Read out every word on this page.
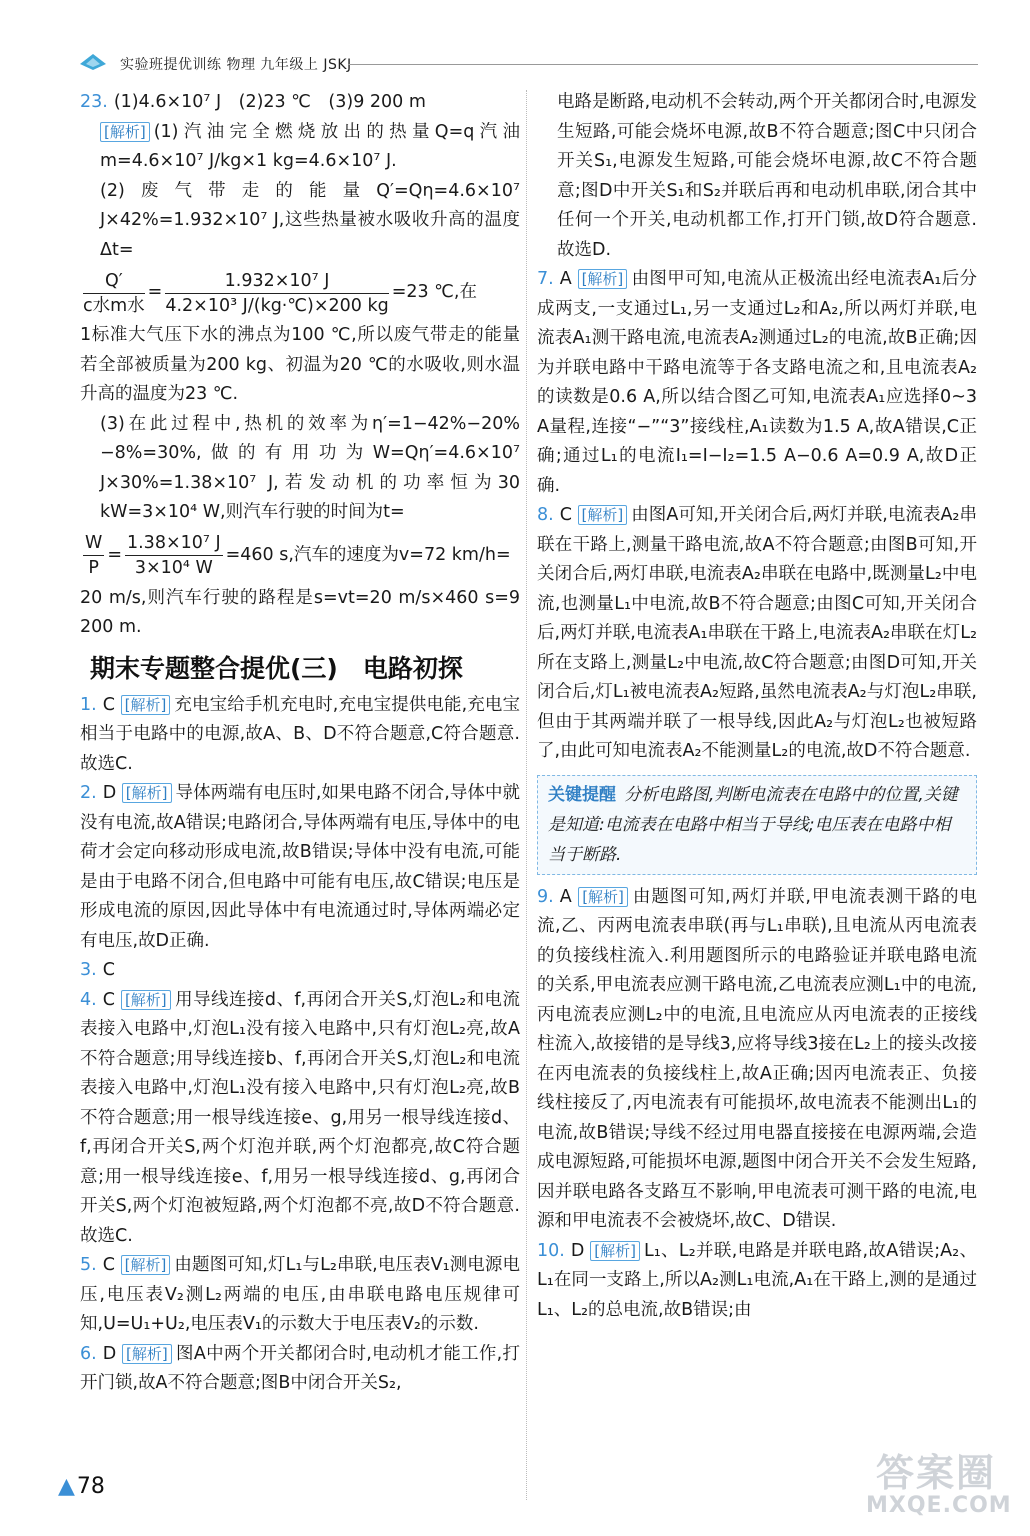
实验班提优训练 物理 九年级上 JSKJ

23. (1)4.6×10⁷ J　(2)23 ℃　(3)9 200 m

[解析] (1)汽油完全燃烧放出的热量Q=q汽油m=4.6×10⁷ J/kg×1 kg=4.6×10⁷ J.

(2)废气带走的能量Q′=Qη=4.6×10⁷ J×42%=1.932×10⁷ J,这些热量被水吸收升高的温度Δt=

$\frac{Q'}{\text{c水m水}} = \frac{\text{1.932×10⁷ J}}{\text{4.2×10³ J/(kg·℃)×200 kg}} =23$ ℃,在

1标准大气压下水的沸点为100 ℃,所以废气带走的能量若全部被质量为200 kg、初温为20 ℃的水吸收,则水温升高的温度为23 ℃.

(3)在此过程中,热机的效率为η′=1−42%−20%−8%=30%,做的有用功为W=Qη′=4.6×10⁷ J×30%=1.38×10⁷ J,若发动机的功率恒为30 kW=3×10⁴ W,则汽车行驶的时间为t=

$\frac{W}{P} = \frac{\text{1.38×10⁷ J}}{\text{3×10⁴ W}} =460$ s,汽车的速度为v=72 km/h=

20 m/s,则汽车行驶的路程是s=vt=20 m/s×460 s=9 200 m.

期末专题整合提优(三)　电路初探

1. C [解析] 充电宝给手机充电时,充电宝提供电能,充电宝相当于电路中的电源,故A、B、D不符合题意,C符合题意.故选C.

2. D [解析] 导体两端有电压时,如果电路不闭合,导体中就没有电流,故A错误;电路闭合,导体两端有电压,导体中的电荷才会定向移动形成电流,故B错误;导体中没有电流,可能是由于电路不闭合,但电路中可能有电压,故C错误;电压是形成电流的原因,因此导体中有电流通过时,导体两端必定有电压,故D正确.

3. C

4. C [解析] 用导线连接d、f,再闭合开关S,灯泡L₂和电流表接入电路中,灯泡L₁没有接入电路中,只有灯泡L₂亮,故A不符合题意;用导线连接b、f,再闭合开关S,灯泡L₂和电流表接入电路中,灯泡L₁没有接入电路中,只有灯泡L₂亮,故B不符合题意;用一根导线连接e、g,用另一根导线连接d、f,再闭合开关S,两个灯泡并联,两个灯泡都亮,故C符合题意;用一根导线连接e、f,用另一根导线连接d、g,再闭合开关S,两个灯泡被短路,两个灯泡都不亮,故D不符合题意.故选C.

5. C [解析] 由题图可知,灯L₁与L₂串联,电压表V₁测电源电压,电压表V₂测L₂两端的电压,由串联电路电压规律可知,U=U₁+U₂,电压表V₁的示数大于电压表V₂的示数.

6. D [解析] 图A中两个开关都闭合时,电动机才能工作,打开门锁,故A不符合题意;图B中闭合开关S₂,

电路是断路,电动机不会转动,两个开关都闭合时,电源发生短路,可能会烧坏电源,故B不符合题意;图C中只闭合开关S₁,电源发生短路,可能会烧坏电源,故C不符合题意;图D中开关S₁和S₂并联后再和电动机串联,闭合其中任何一个开关,电动机都工作,打开门锁,故D符合题意.故选D.

7. A [解析] 由图甲可知,电流从正极流出经电流表A₁后分成两支,一支通过L₁,另一支通过L₂和A₂,所以两灯并联,电流表A₁测干路电流,电流表A₂测通过L₂的电流,故B正确;因为并联电路中干路电流等于各支路电流之和,且电流表A₂的读数是0.6 A,所以结合图乙可知,电流表A₁应选择0~3 A量程,连接“−”“3”接线柱,A₁读数为1.5 A,故A错误,C正确;通过L₁的电流I₁=I−I₂=1.5 A−0.6 A=0.9 A,故D正确.

8. C [解析] 由图A可知,开关闭合后,两灯并联,电流表A₂串联在干路上,测量干路电流,故A不符合题意;由图B可知,开关闭合后,两灯串联,电流表A₂串联在电路中,既测量L₂中电流,也测量L₁中电流,故B不符合题意;由图C可知,开关闭合后,两灯并联,电流表A₁串联在干路上,电流表A₂串联在灯L₂所在支路上,测量L₂中电流,故C符合题意;由图D可知,开关闭合后,灯L₁被电流表A₂短路,虽然电流表A₂与灯泡L₂串联,但由于其两端并联了一根导线,因此A₂与灯泡L₂也被短路了,由此可知电流表A₂不能测量L₂的电流,故D不符合题意.

关键提醒 分析电路图,判断电流表在电路中的位置,关键是知道:电流表在电路中相当于导线;电压表在电路中相当于断路.

9. A [解析] 由题图可知,两灯并联,甲电流表测干路的电流,乙、丙两电流表串联(再与L₁串联),且电流从丙电流表的负接线柱流入.利用题图所示的电路验证并联电路电流的关系,甲电流表应测干路电流,乙电流表应测L₁中的电流,丙电流表应测L₂中的电流,且电流应从丙电流表的正接线柱流入,故接错的是导线3,应将导线3接在L₂上的接头改接在丙电流表的负接线柱上,故A正确;因丙电流表正、负接线柱接反了,丙电流表有可能损坏,故电流表不能测出L₁的电流,故B错误;导线不经过用电器直接接在电源两端,会造成电源短路,可能损坏电源,题图中闭合开关不会发生短路,因并联电路各支路互不影响,甲电流表可测干路的电流,电源和甲电流表不会被烧坏,故C、D错误.

10. D [解析] L₁、L₂并联,电路是并联电路,故A错误;A₂、L₁在同一支路上,所以A₂测L₁电流,A₁在干路上,测的是通过L₁、L₂的总电流,故B错误;由

▲78	答案圈
MXQE.COM
